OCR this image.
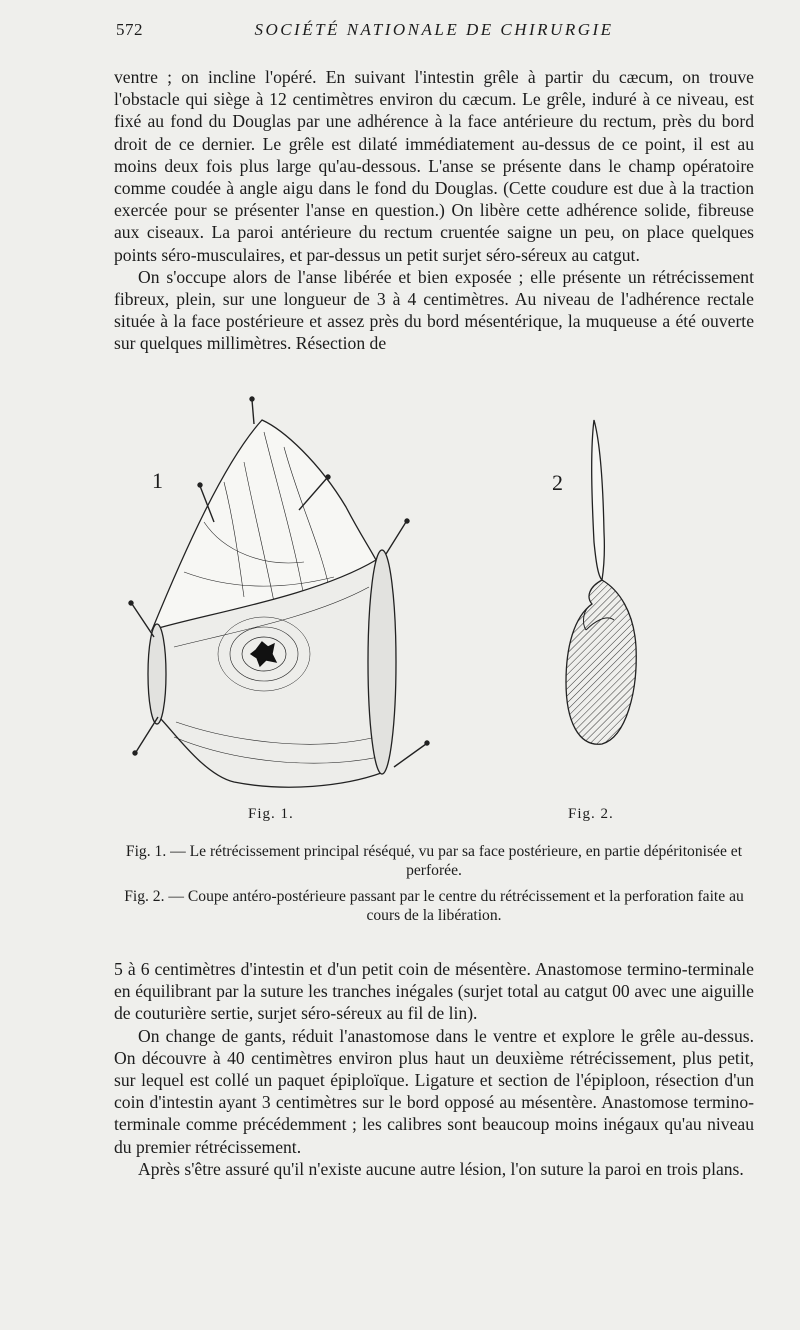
572	SOCIÉTÉ NATIONALE DE CHIRURGIE

ventre ; on incline l'opéré. En suivant l'intestin grêle à partir du cæcum, on trouve l'obstacle qui siège à 12 centimètres environ du cæcum. Le grêle, induré à ce niveau, est fixé au fond du Douglas par une adhérence à la face antérieure du rectum, près du bord droit de ce dernier. Le grêle est dilaté immédiatement au-dessus de ce point, il est au moins deux fois plus large qu'au-dessous. L'anse se présente dans le champ opératoire comme coudée à angle aigu dans le fond du Douglas. (Cette coudure est due à la traction exercée pour se présenter l'anse en question.) On libère cette adhérence solide, fibreuse aux ciseaux. La paroi antérieure du rectum cruentée saigne un peu, on place quelques points séro-musculaires, et par-dessus un petit surjet séro-séreux au catgut.

On s'occupe alors de l'anse libérée et bien exposée ; elle présente un rétrécissement fibreux, plein, sur une longueur de 3 à 4 centimètres. Au niveau de l'adhérence rectale située à la face postérieure et assez près du bord mésentérique, la muqueuse a été ouverte sur quelques millimètres. Résection de

1	2
Fig. 1.	Fig. 2.

Fig. 1. — Le rétrécissement principal réséqué, vu par sa face postérieure, en partie dépéritonisée et perforée.

Fig. 2. — Coupe antéro-postérieure passant par le centre du rétrécissement et la perforation faite au cours de la libération.

5 à 6 centimètres d'intestin et d'un petit coin de mésentère. Anastomose termino-terminale en équilibrant par la suture les tranches inégales (surjet total au catgut 00 avec une aiguille de couturière sertie, surjet séro-séreux au fil de lin).

On change de gants, réduit l'anastomose dans le ventre et explore le grêle au-dessus. On découvre à 40 centimètres environ plus haut un deuxième rétrécissement, plus petit, sur lequel est collé un paquet épiploïque. Ligature et section de l'épiploon, résection d'un coin d'intestin ayant 3 centimètres sur le bord opposé au mésentère. Anastomose termino-terminale comme précédemment ; les calibres sont beaucoup moins inégaux qu'au niveau du premier rétrécissement.

Après s'être assuré qu'il n'existe aucune autre lésion, l'on suture la paroi en trois plans.
